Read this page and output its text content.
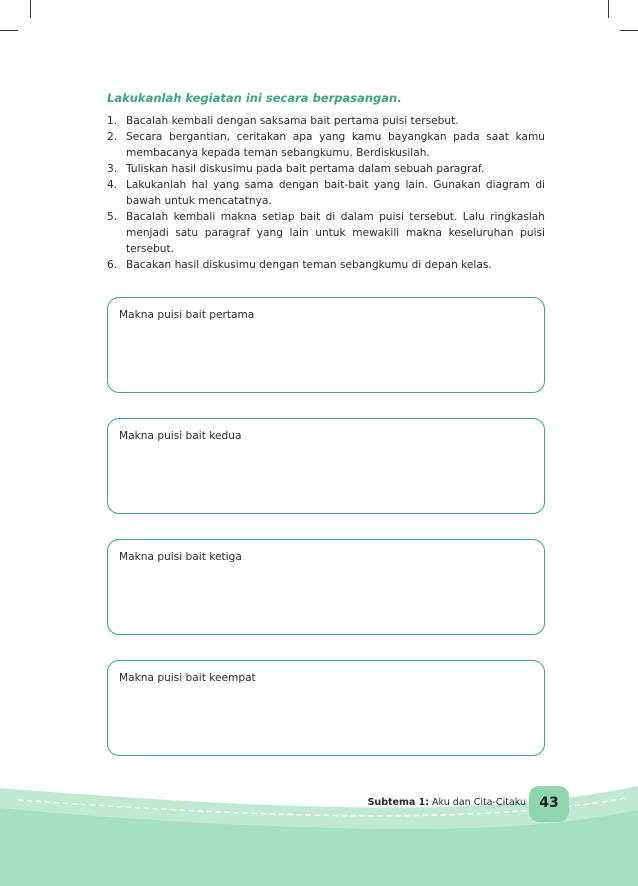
Lakukanlah kegiatan ini secara berpasangan.

1. Bacalah kembali dengan saksama bait pertama puisi tersebut.
2. Secara bergantian, ceritakan apa yang kamu bayangkan pada saat kamu membacanya kepada teman sebangkumu. Berdiskusilah.
3. Tuliskan hasil diskusimu pada bait pertama dalam sebuah paragraf.
4. Lakukanlah hal yang sama dengan bait-bait yang lain. Gunakan diagram di bawah untuk mencatatnya.
5. Bacalah kembali makna setiap bait di dalam puisi tersebut. Lalu ringkaslah menjadi satu paragraf yang lain untuk mewakili makna keseluruhan puisi tersebut.
6. Bacakan hasil diskusimu dengan teman sebangkumu di depan kelas.
Makna puisi bait pertama
Makna puisi bait kedua
Makna puisi bait ketiga
Makna puisi bait keempat
Subtema 1: Aku dan Cita-Citaku 43
